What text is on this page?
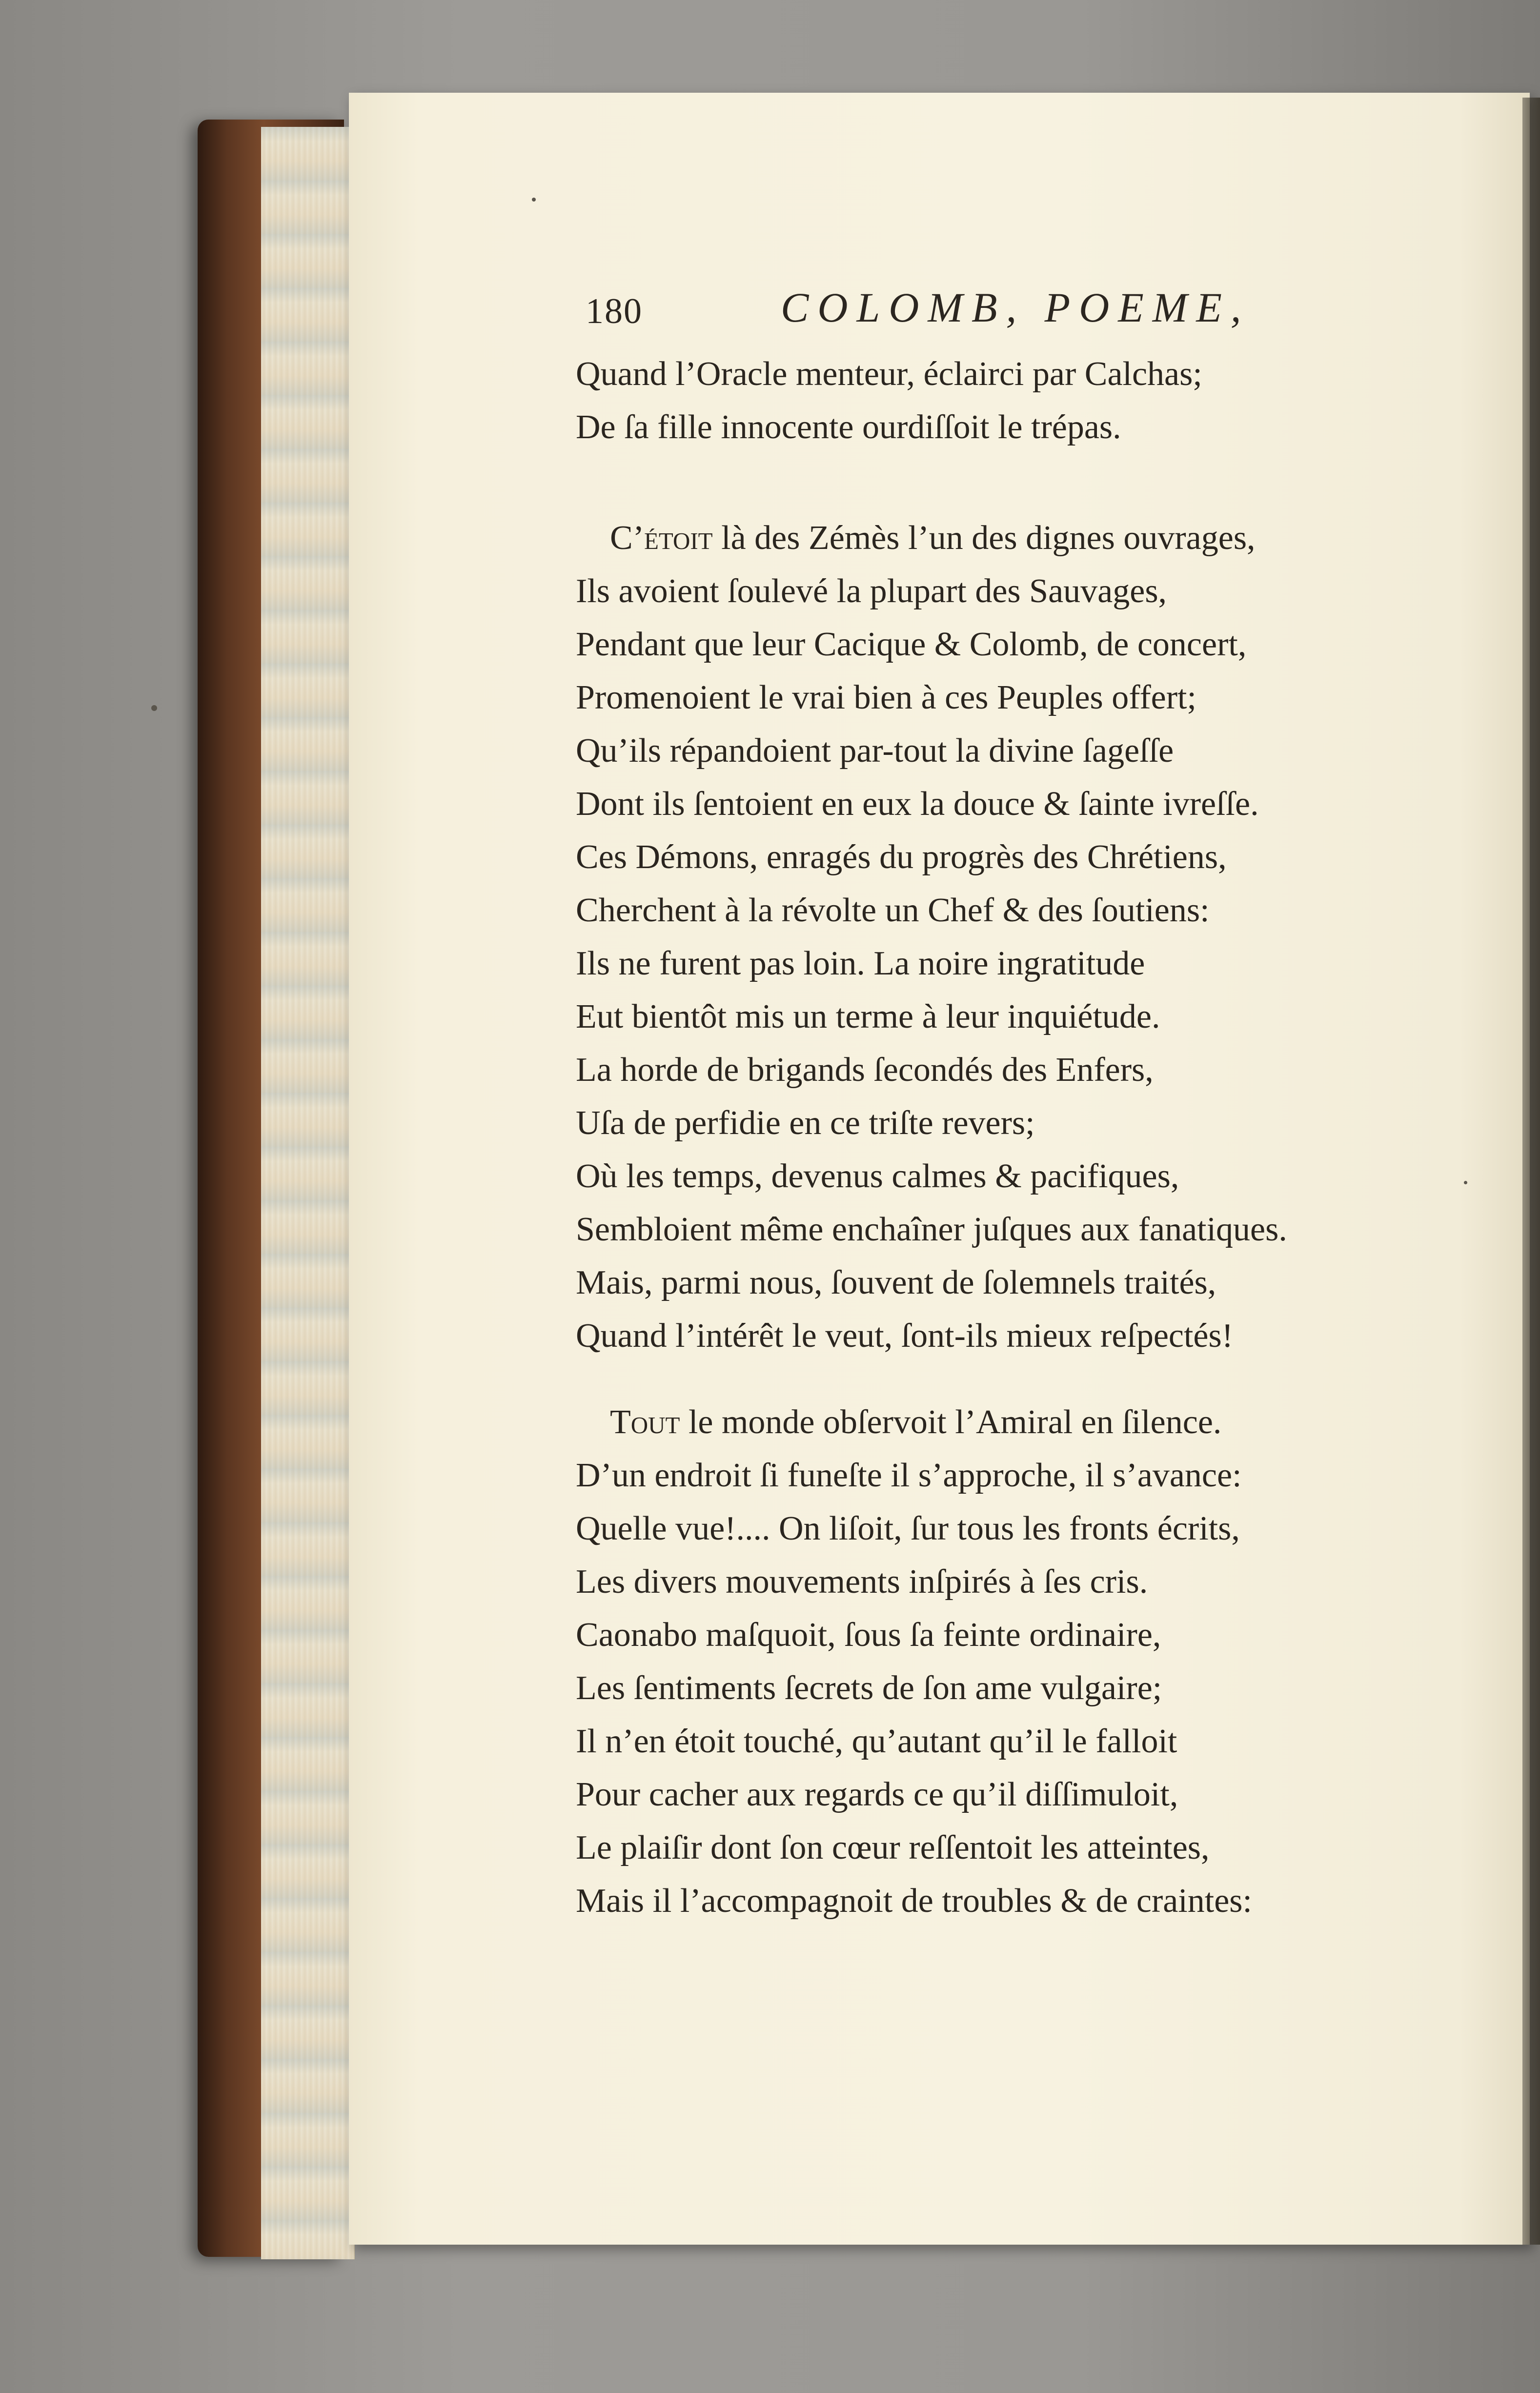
180	COLOMB, POEME,
Quand l’Oracle menteur, éclairci par Calchas;
De ſa fille innocente ourdiſſoit le trépas.
C’étoit là des Zémès l’un des dignes ouvrages,
Ils avoient ſoulevé la plupart des Sauvages,
Pendant que leur Cacique & Colomb, de concert,
Promenoient le vrai bien à ces Peuples offert;
Qu’ils répandoient par-tout la divine ſageſſe
Dont ils ſentoient en eux la douce & ſainte ivreſſe.
Ces Démons, enragés du progrès des Chrétiens,
Cherchent à la révolte un Chef & des ſoutiens:
Ils ne furent pas loin. La noire ingratitude
Eut bientôt mis un terme à leur inquiétude.
La horde de brigands ſecondés des Enfers,
Uſa de perfidie en ce triſte revers;
Où les temps, devenus calmes & pacifiques,
Sembloient même enchaîner juſques aux fanatiques.
Mais, parmi nous, ſouvent de ſolemnels traités,
Quand l’intérêt le veut, ſont-ils mieux reſpectés!
Tout le monde obſervoit l’Amiral en ſilence.
D’un endroit ſi funeſte il s’approche, il s’avance:
Quelle vue!.... On liſoit, ſur tous les fronts écrits,
Les divers mouvements inſpirés à ſes cris.
Caonabo maſquoit, ſous ſa feinte ordinaire,
Les ſentiments ſecrets de ſon ame vulgaire;
Il n’en étoit touché, qu’autant qu’il le falloit
Pour cacher aux regards ce qu’il diſſimuloit,
Le plaiſir dont ſon cœur reſſentoit les atteintes,
Mais il l’accompagnoit de troubles & de craintes:
